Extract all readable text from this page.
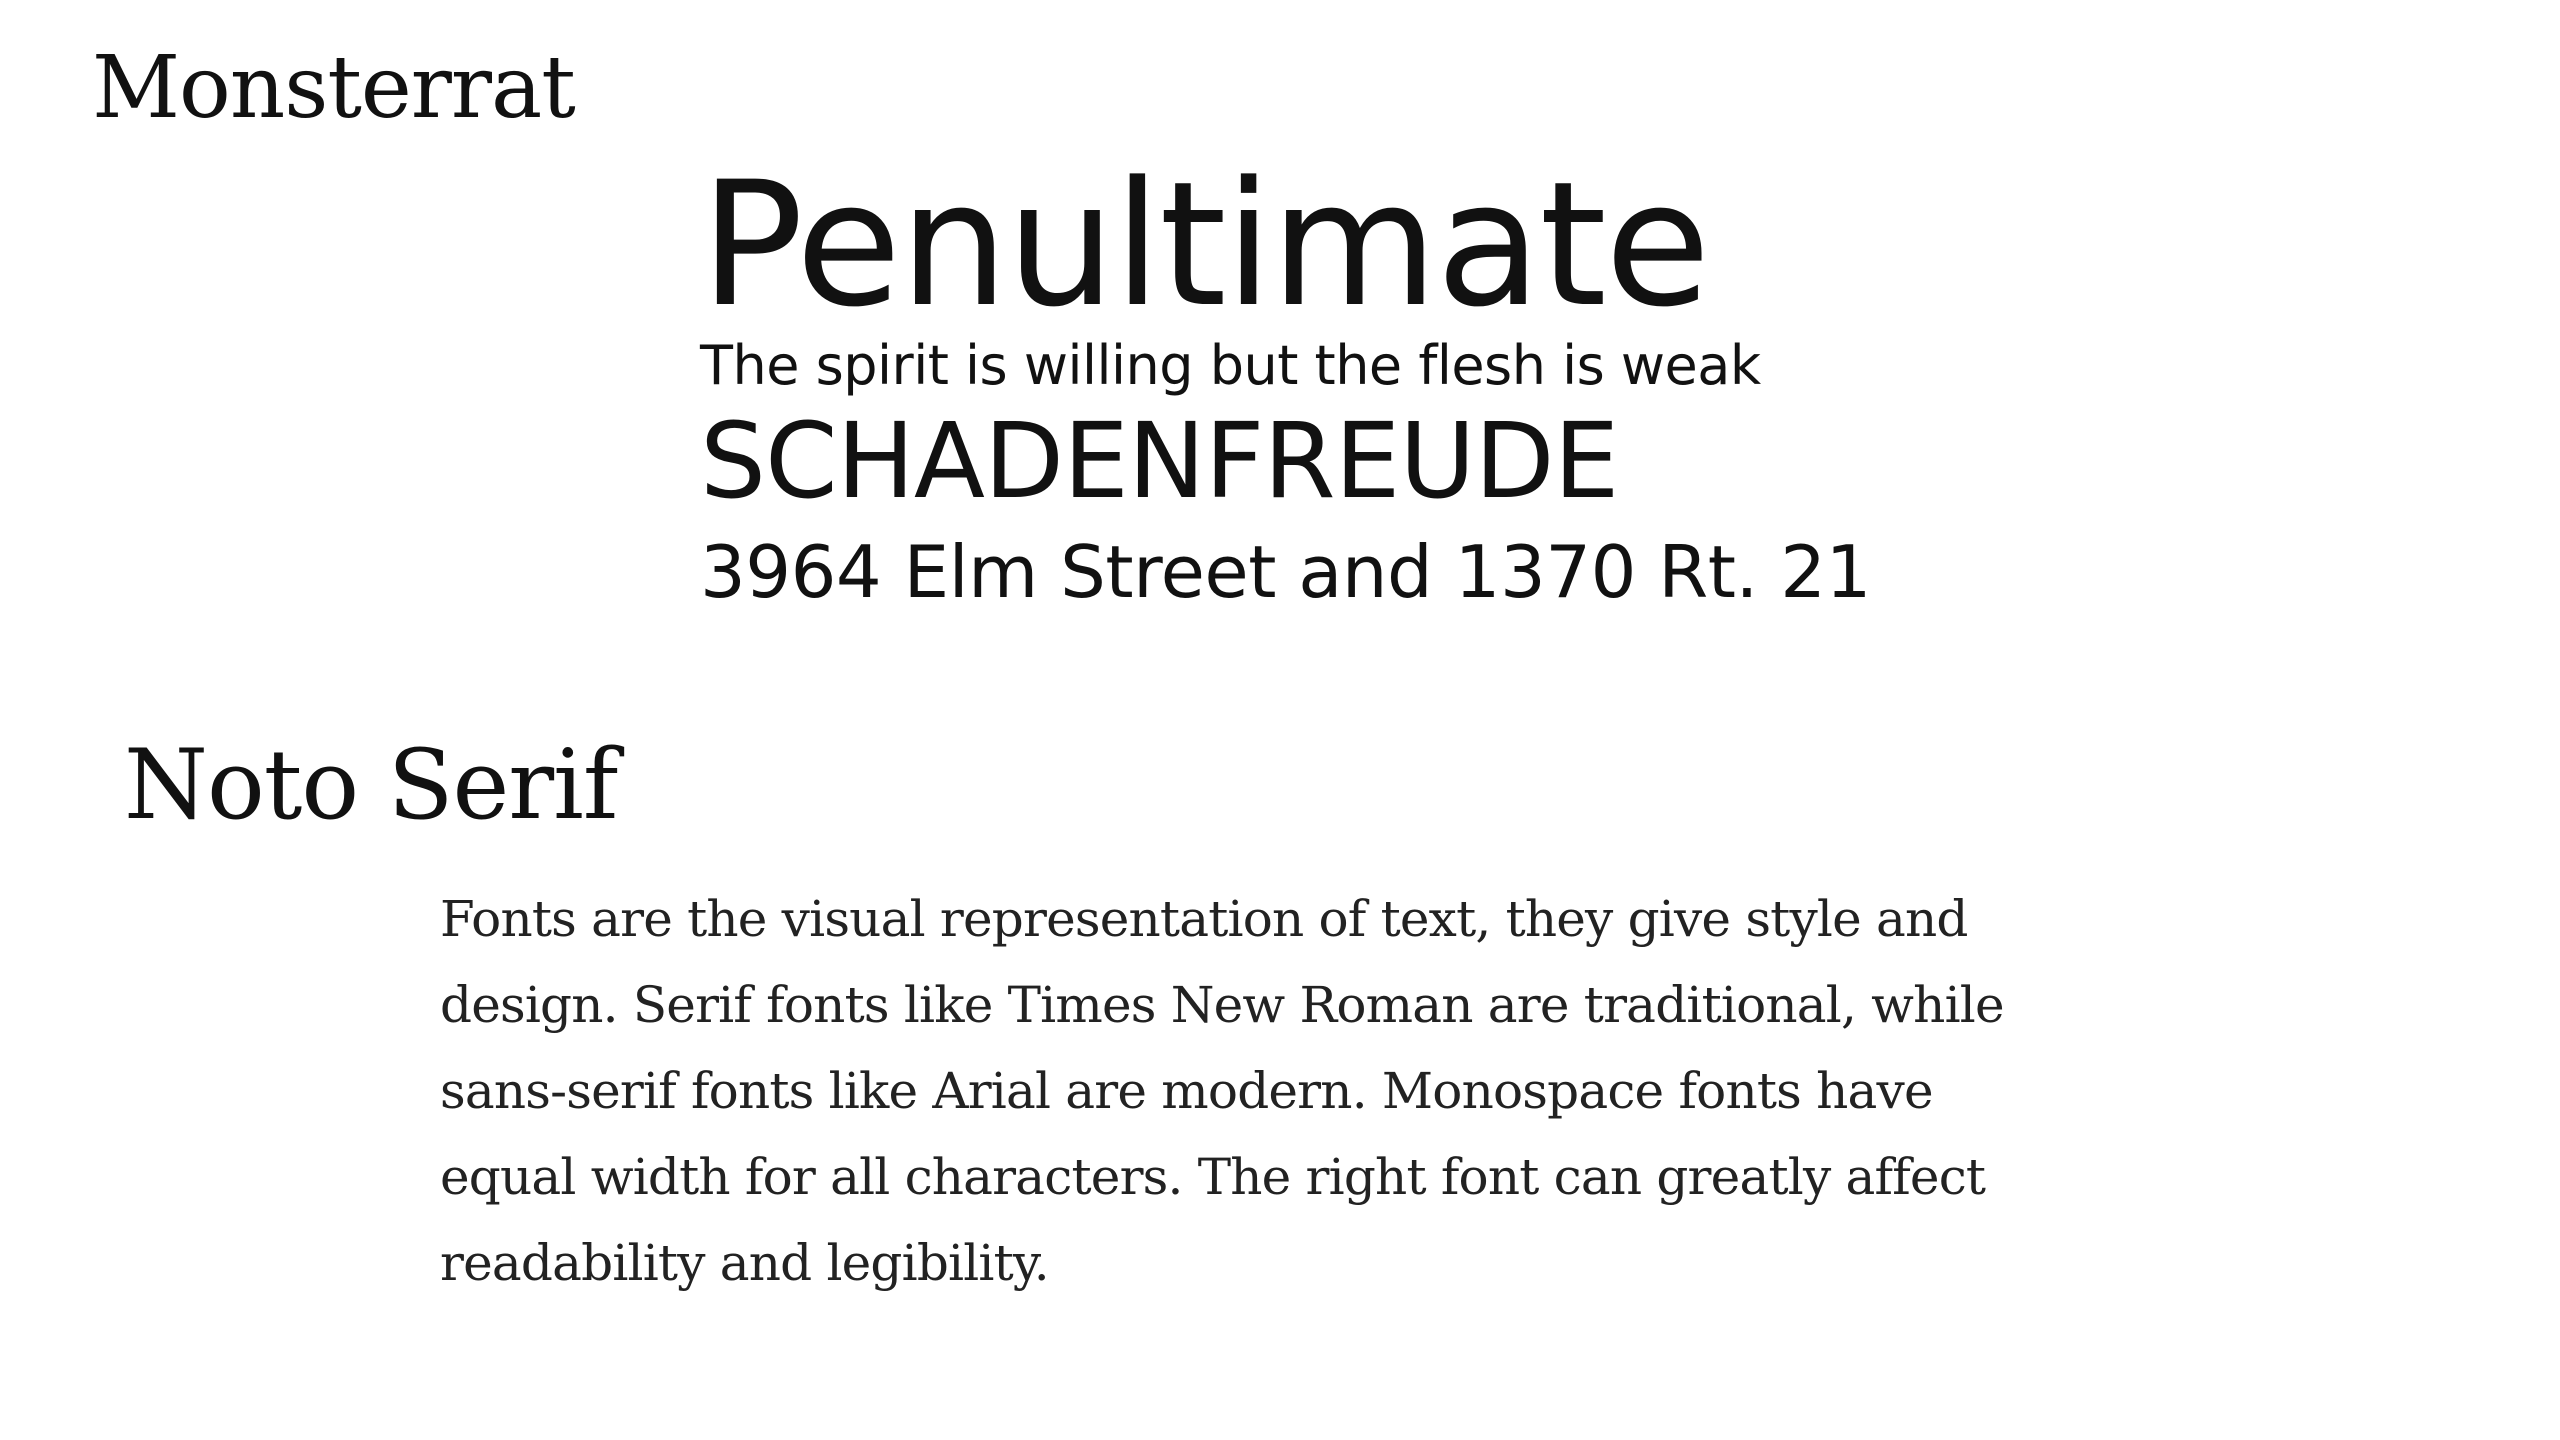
Monsterrat
Penultimate
The spirit is willing but the flesh is weak
SCHADENFREUDE
3964 Elm Street and 1370 Rt. 21
Noto Serif

Fonts are the visual representation of text, they give style and
design. Serif fonts like Times New Roman are traditional, while
sans-serif fonts like Arial are modern. Monospace fonts have
equal width for all characters. The right font can greatly affect
readability and legibility.
